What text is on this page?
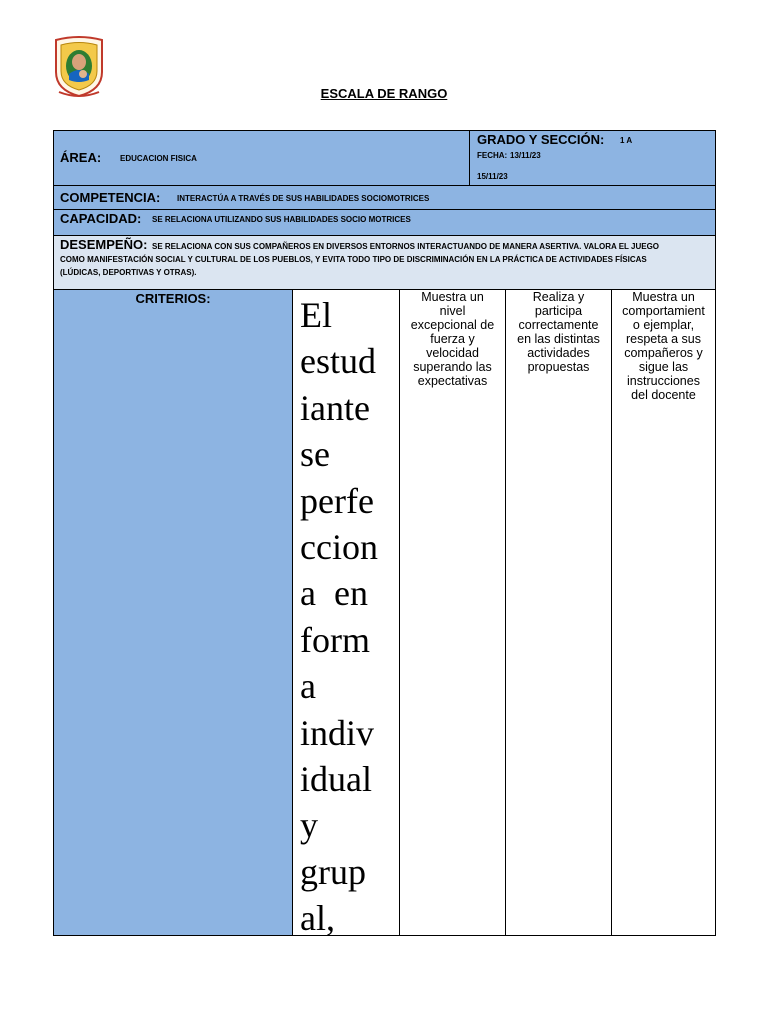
ESCALA DE RANGO
ÁREA: EDUCACION FISICA
GRADO Y SECCIÓN: 1 A
FECHA: 13/11/23
15/11/23
COMPETENCIA: INTERACTÚA A TRAVÉS DE SUS HABILIDADES SOCIOMOTRICES
CAPACIDAD: SE RELACIONA UTILIZANDO SUS HABILIDADES SOCIO MOTRICES
DESEMPEÑO: SE RELACIONA CON SUS COMPAÑEROS EN DIVERSOS ENTORNOS INTERACTUANDO DE MANERA ASERTIVA. VALORA EL JUEGO
COMO MANIFESTACIÓN SOCIAL Y CULTURAL DE LOS PUEBLOS, Y EVITA TODO TIPO DE DISCRIMINACIÓN EN LA PRÁCTICA DE ACTIVIDADES FÍSICAS
(LÚDICAS, DEPORTIVAS Y OTRAS).
CRITERIOS:	El
estud
iante
se
perfe
ccion
a  en
form
a
indiv
idual
y
grup
al,
Muestra un
nivel
excepcional de
fuerza y
velocidad
superando las
expectativas
Realiza y
participa
correctamente
en las distintas
actividades
propuestas
Muestra un
comportamient
o ejemplar,
respeta a sus
compañeros y
sigue las
instrucciones
del docente
